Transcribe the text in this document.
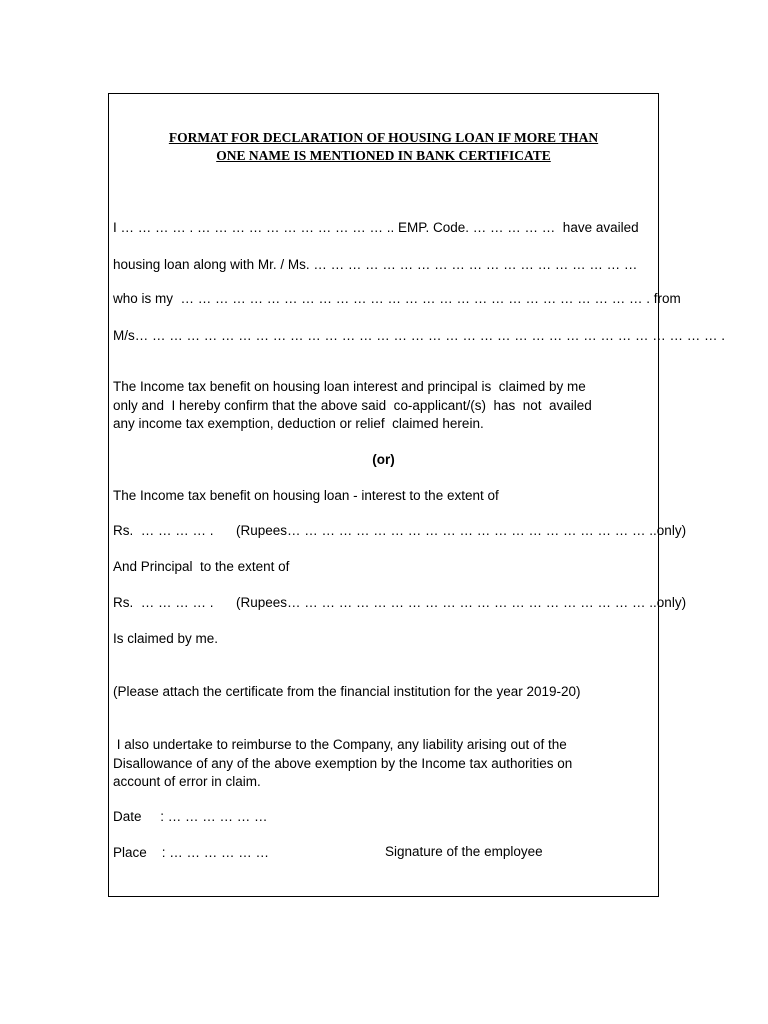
FORMAT FOR DECLARATION OF HOUSING LOAN IF MORE THAN
ONE NAME IS MENTIONED IN BANK CERTIFICATE
I … … … … . … … … … … … … … … … … .. EMP. Code. … … … … …  have availed
housing loan along with Mr. / Ms. … … … … … … … … … … … … … … … … … … …
who is my  … … … … … … … … … … … … … … … … … … … … … … … … … … … . from
M/s… … … … … … … … … … … … … … … … … … … … … … … … … … … … … … … … … … .
The Income tax benefit on housing loan interest and principal is  claimed by me
only and  I hereby confirm that the above said  co-applicant/(s)  has  not  availed
any income tax exemption, deduction or relief  claimed herein.
(or)
The Income tax benefit on housing loan - interest to the extent of
Rs.  … … … … .      (Rupees… … … … … … … … … … … … … … … … … … … … … ..only)
And Principal  to the extent of
Rs.  … … … … .      (Rupees… … … … … … … … … … … … … … … … … … … … … ..only)
Is claimed by me.
(Please attach the certificate from the financial institution for the year 2019-20)
I also undertake to reimburse to the Company, any liability arising out of the
Disallowance of any of the above exemption by the Income tax authorities on
account of error in claim.
Date     : … … … … … …
Place    : … … … … … …	Signature of the employee
